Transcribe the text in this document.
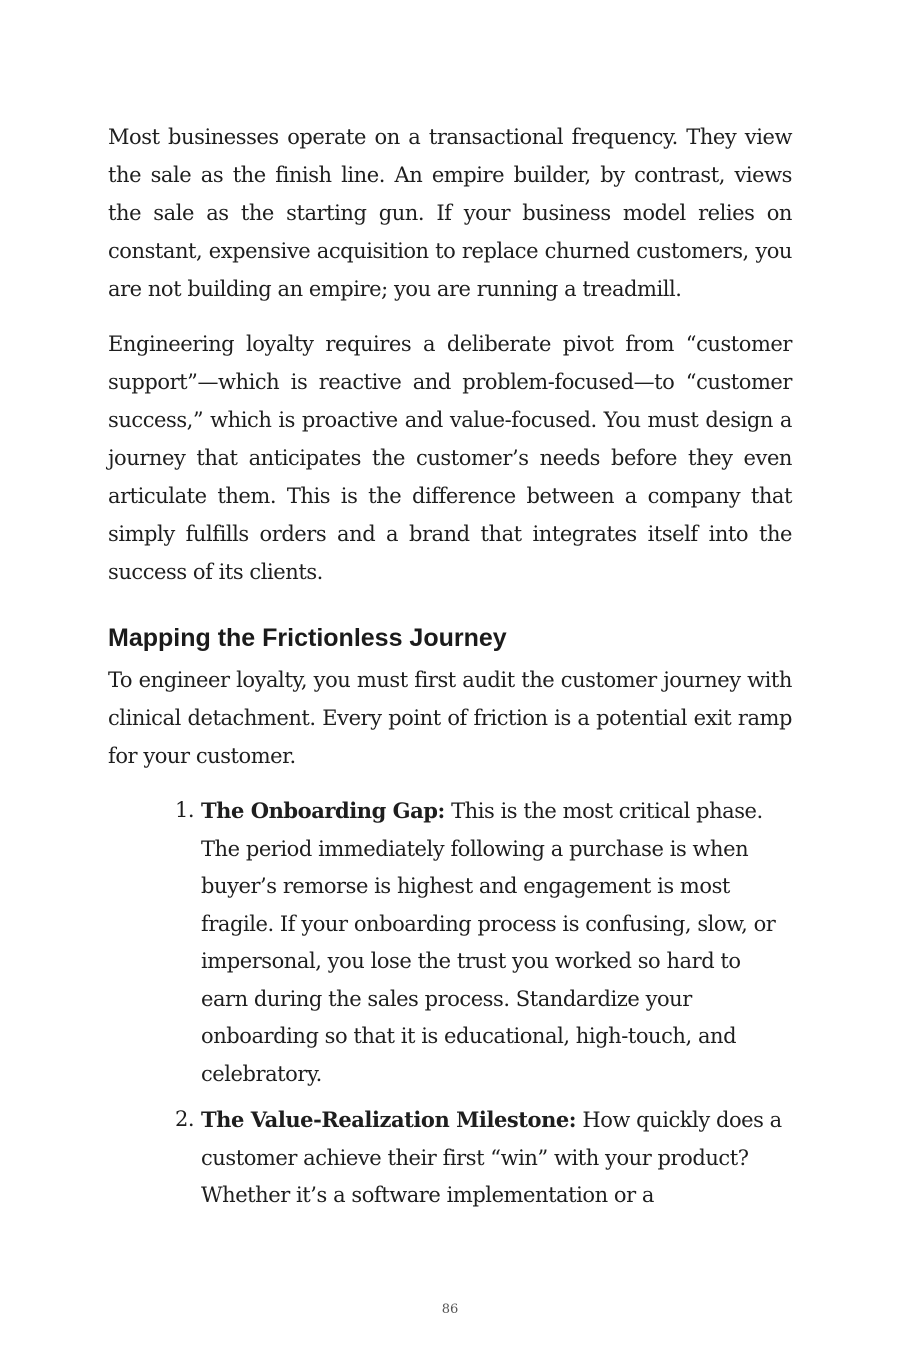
Most businesses operate on a transactional frequency. They view the sale as the finish line. An empire builder, by contrast, views the sale as the starting gun. If your business model relies on constant, expensive acquisition to replace churned customers, you are not building an empire; you are running a treadmill.

Engineering loyalty requires a deliberate pivot from “customer support”—which is reactive and problem-focused—to “customer success,” which is proactive and value-focused. You must design a journey that anticipates the customer’s needs before they even articulate them. This is the difference between a company that simply fulfills orders and a brand that integrates itself into the success of its clients.

Mapping the Frictionless Journey

To engineer loyalty, you must first audit the customer journey with clinical detachment. Every point of friction is a potential exit ramp for your customer.

1. The Onboarding Gap: This is the most critical phase. The period immediately following a purchase is when buyer’s remorse is highest and engagement is most fragile. If your onboarding process is confusing, slow, or impersonal, you lose the trust you worked so hard to earn during the sales process. Standardize your onboarding so that it is educational, high-touch, and celebratory.
2. The Value-Realization Milestone: How quickly does a customer achieve their first “win” with your product? Whether it’s a software implementation or a
86
